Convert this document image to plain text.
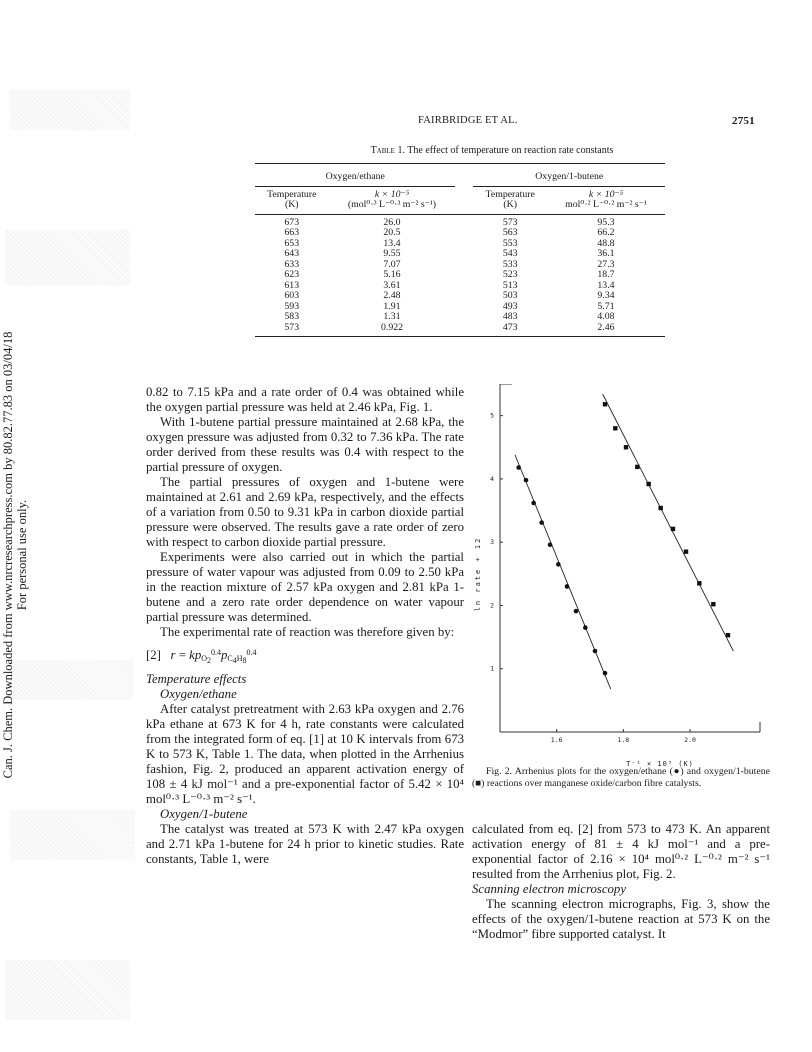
Can. J. Chem. Downloaded from www.nrcresearchpress.com by 80.82.77.83 on 03/04/18 For personal use only.
FAIRBRIDGE ET AL.	2751
Table 1. The effect of temperature on reaction rate constants
Oxygen/ethane			Oxygen/1-butene	
Temperature	k × 10⁻⁵		Temperature	k × 10⁻⁵
(K)	(mol⁰·³ L⁻⁰·³ m⁻² s⁻¹)		(K)	mol⁰·² L⁻⁰·² m⁻² s⁻¹
673	26.0		573	95.3
663	20.5		563	66.2
653	13.4		553	48.8
643	9.55		543	36.1
633	7.07		533	27.3
623	5.16		523	18.7
613	3.61		513	13.4
603	2.48		503	9.34
593	1.91		493	5.71
583	1.31		483	4.08
573	0.922		473	2.46

0.82 to 7.15 kPa and a rate order of 0.4 was obtained while the oxygen partial pressure was held at 2.46 kPa, Fig. 1.

With 1-butene partial pressure maintained at 2.68 kPa, the oxygen pressure was adjusted from 0.32 to 7.36 kPa. The rate order derived from these results was 0.4 with respect to the partial pressure of oxygen.

The partial pressures of oxygen and 1-butene were maintained at 2.61 and 2.69 kPa, respectively, and the effects of a variation from 0.50 to 9.31 kPa in carbon dioxide partial pressure were observed. The results gave a rate order of zero with respect to carbon dioxide partial pressure.

Experiments were also carried out in which the partial pressure of water vapour was adjusted from 0.09 to 2.50 kPa in the reaction mixture of 2.57 kPa oxygen and 2.81 kPa 1-butene and a zero rate order dependence on water vapour partial pressure was determined.

The experimental rate of reaction was therefore given by:

[2] $r = kp_{O_2}^{0.4}p_{C_4H_8}^{0.4}$

Temperature effects

Oxygen/ethane

After catalyst pretreatment with 2.63 kPa oxygen and 2.76 kPa ethane at 673 K for 4 h, rate constants were calculated from the integrated form of eq. [1] at 10 K intervals from 673 K to 573 K, Table 1. The data, when plotted in the Arrhenius fashion, Fig. 2, produced an apparent activation energy of 108 ± 4 kJ mol⁻¹ and a pre-exponential factor of 5.42 × 10⁴ mol⁰·³ L⁻⁰·³ m⁻² s⁻¹.

Oxygen/1-butene

The catalyst was treated at 573 K with 2.47 kPa oxygen and 2.71 kPa 1-butene for 24 h prior to kinetic studies. Rate constants, Table 1, were

1
2
3
4
5
1.6	1.8	2.0
ln rate + 12
T⁻¹ × 10³ (K)
Fig. 2. Arrhenius plots for the oxygen/ethane (●) and oxygen/1-butene (■) reactions over manganese oxide/carbon fibre catalysts.

calculated from eq. [2] from 573 to 473 K. An apparent activation energy of 81 ± 4 kJ mol⁻¹ and a pre-exponential factor of 2.16 × 10⁴ mol⁰·² L⁻⁰·² m⁻² s⁻¹ resulted from the Arrhenius plot, Fig. 2.

Scanning electron microscopy

The scanning electron micrographs, Fig. 3, show the effects of the oxygen/1-butene reaction at 573 K on the “Modmor” fibre supported catalyst. It
